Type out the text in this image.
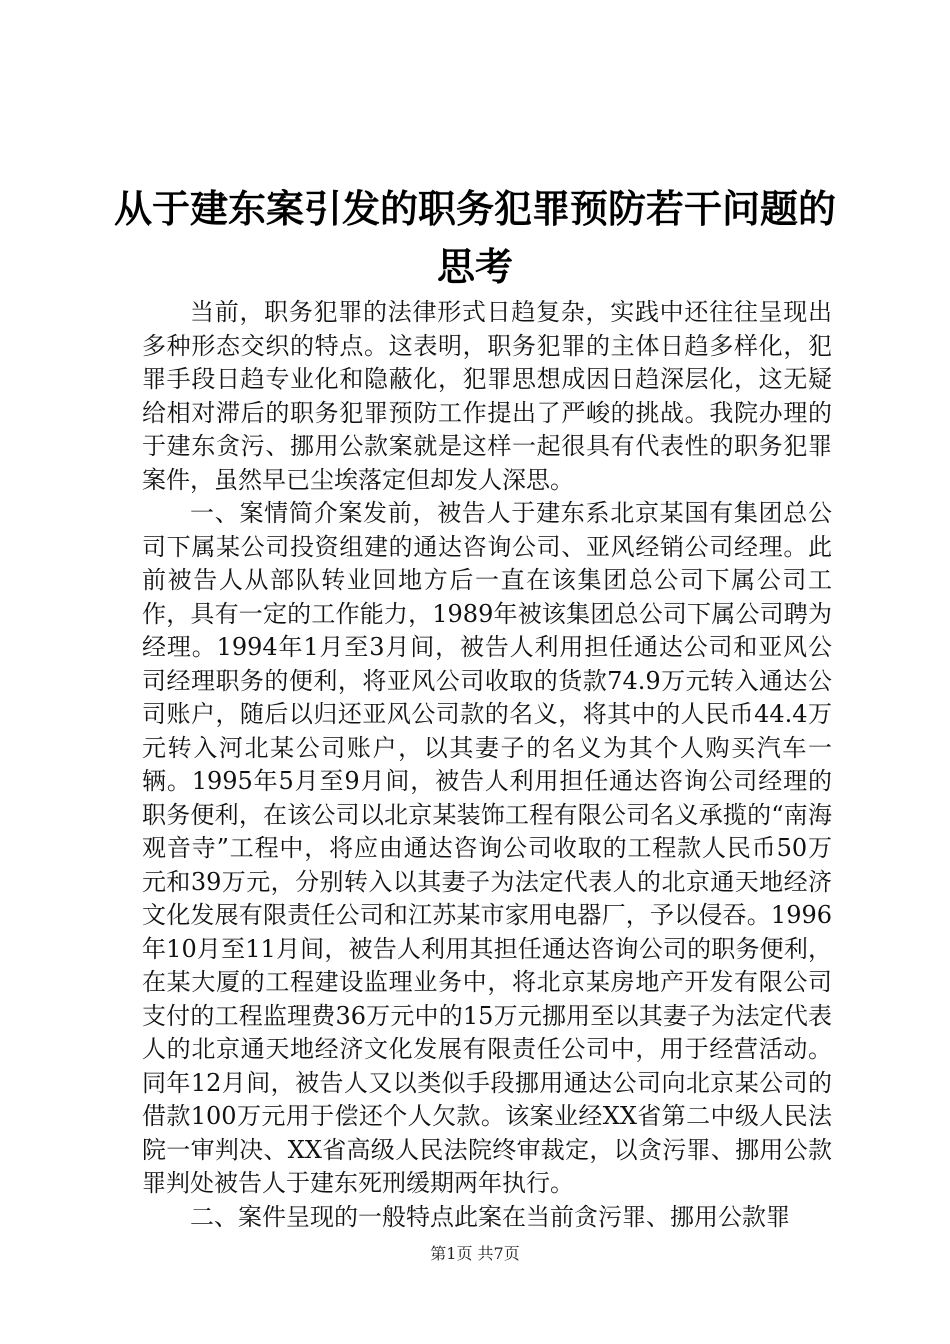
从于建东案引发的职务犯罪预防若干问题的思考

当前，职务犯罪的法律形式日趋复杂，实践中还往往呈现出多种形态交织的特点。这表明，职务犯罪的主体日趋多样化，犯罪手段日趋专业化和隐蔽化，犯罪思想成因日趋深层化，这无疑给相对滞后的职务犯罪预防工作提出了严峻的挑战。我院办理的于建东贪污、挪用公款案就是这样一起很具有代表性的职务犯罪案件，虽然早已尘埃落定但却发人深思。

一、案情简介案发前，被告人于建东系北京某国有集团总公司下属某公司投资组建的通达咨询公司、亚风经销公司经理。此前被告人从部队转业回地方后一直在该集团总公司下属公司工作，具有一定的工作能力，1989年被该集团总公司下属公司聘为经理。1994年1月至3月间，被告人利用担任通达公司和亚风公司经理职务的便利，将亚风公司收取的货款74.9万元转入通达公司账户，随后以归还亚风公司款的名义，将其中的人民币44.4万元转入河北某公司账户，以其妻子的名义为其个人购买汽车一辆。1995年5月至9月间，被告人利用担任通达咨询公司经理的职务便利，在该公司以北京某装饰工程有限公司名义承揽的“南海观音寺”工程中，将应由通达咨询公司收取的工程款人民币50万元和39万元，分别转入以其妻子为法定代表人的北京通天地经济文化发展有限责任公司和江苏某市家用电器厂，予以侵吞。1996年10月至11月间，被告人利用其担任通达咨询公司的职务便利，在某大厦的工程建设监理业务中，将北京某房地产开发有限公司支付的工程监理费36万元中的15万元挪用至以其妻子为法定代表人的北京通天地经济文化发展有限责任公司中，用于经营活动。同年12月间，被告人又以类似手段挪用通达公司向北京某公司的借款100万元用于偿还个人欠款。该案业经XX省第二中级人民法院一审判决、XX省高级人民法院终审裁定，以贪污罪、挪用公款罪判处被告人于建东死刑缓期两年执行。

二、案件呈现的一般特点此案在当前贪污罪、挪用公款罪

第1页 共7页
